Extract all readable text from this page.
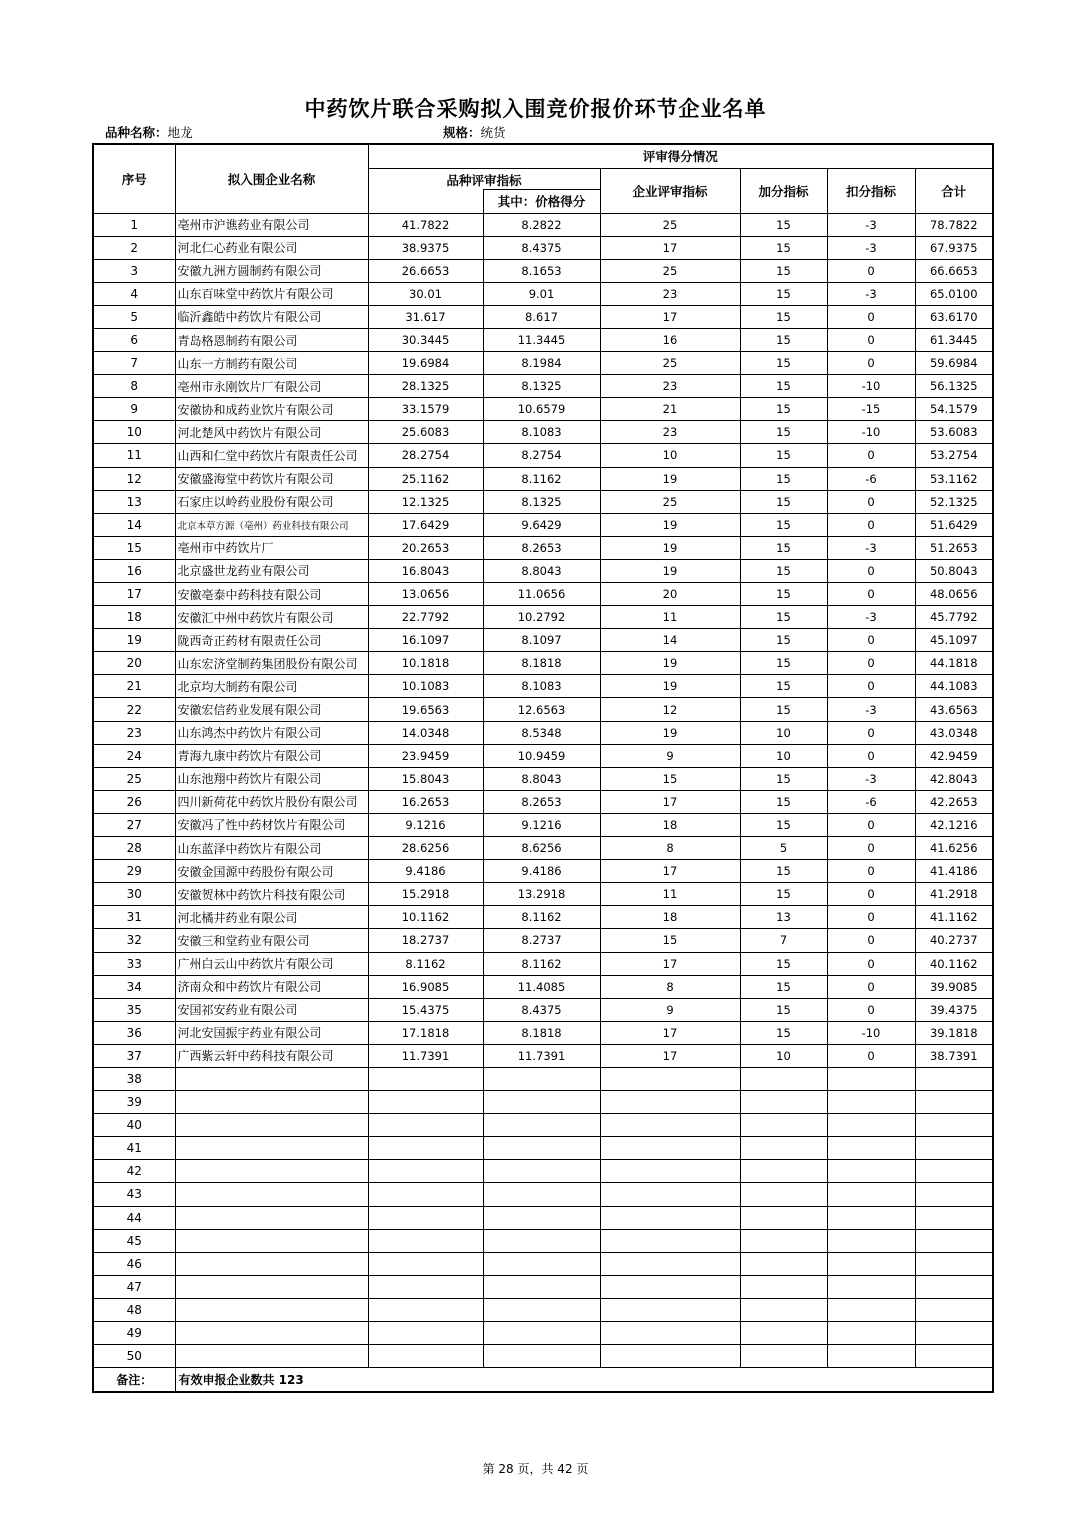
中药饮片联合采购拟入围竞价报价环节企业名单
品种名称：地龙	规格：统货
序号	拟入围企业名称	评审得分情况					
		品种评审指标		企业评审指标	加分指标	扣分指标	合计
			其中：价格得分				
1	亳州市沪谯药业有限公司	41.7822	8.2822	25	15	-3	78.7822
2	河北仁心药业有限公司	38.9375	8.4375	17	15	-3	67.9375
3	安徽九洲方圆制药有限公司	26.6653	8.1653	25	15	0	66.6653
4	山东百味堂中药饮片有限公司	30.01	9.01	23	15	-3	65.0100
5	临沂鑫皓中药饮片有限公司	31.617	8.617	17	15	0	63.6170
6	青岛格恩制药有限公司	30.3445	11.3445	16	15	0	61.3445
7	山东一方制药有限公司	19.6984	8.1984	25	15	0	59.6984
8	亳州市永刚饮片厂有限公司	28.1325	8.1325	23	15	-10	56.1325
9	安徽协和成药业饮片有限公司	33.1579	10.6579	21	15	-15	54.1579
10	河北楚风中药饮片有限公司	25.6083	8.1083	23	15	-10	53.6083
11	山西和仁堂中药饮片有限责任公司	28.2754	8.2754	10	15	0	53.2754
12	安徽盛海堂中药饮片有限公司	25.1162	8.1162	19	15	-6	53.1162
13	石家庄以岭药业股份有限公司	12.1325	8.1325	25	15	0	52.1325
14	北京本草方源（亳州）药业科技有限公司	17.6429	9.6429	19	15	0	51.6429
15	亳州市中药饮片厂	20.2653	8.2653	19	15	-3	51.2653
16	北京盛世龙药业有限公司	16.8043	8.8043	19	15	0	50.8043
17	安徽亳泰中药科技有限公司	13.0656	11.0656	20	15	0	48.0656
18	安徽汇中州中药饮片有限公司	22.7792	10.2792	11	15	-3	45.7792
19	陇西奇正药材有限责任公司	16.1097	8.1097	14	15	0	45.1097
20	山东宏济堂制药集团股份有限公司	10.1818	8.1818	19	15	0	44.1818
21	北京均大制药有限公司	10.1083	8.1083	19	15	0	44.1083
22	安徽宏信药业发展有限公司	19.6563	12.6563	12	15	-3	43.6563
23	山东鸿杰中药饮片有限公司	14.0348	8.5348	19	10	0	43.0348
24	青海九康中药饮片有限公司	23.9459	10.9459	9	10	0	42.9459
25	山东池翔中药饮片有限公司	15.8043	8.8043	15	15	-3	42.8043
26	四川新荷花中药饮片股份有限公司	16.2653	8.2653	17	15	-6	42.2653
27	安徽冯了性中药材饮片有限公司	9.1216	9.1216	18	15	0	42.1216
28	山东蓝泽中药饮片有限公司	28.6256	8.6256	8	5	0	41.6256
29	安徽金国源中药股份有限公司	9.4186	9.4186	17	15	0	41.4186
30	安徽贺林中药饮片科技有限公司	15.2918	13.2918	11	15	0	41.2918
31	河北橘井药业有限公司	10.1162	8.1162	18	13	0	41.1162
32	安徽三和堂药业有限公司	18.2737	8.2737	15	7	0	40.2737
33	广州白云山中药饮片有限公司	8.1162	8.1162	17	15	0	40.1162
34	济南众和中药饮片有限公司	16.9085	11.4085	8	15	0	39.9085
35	安国祁安药业有限公司	15.4375	8.4375	9	15	0	39.4375
36	河北安国振宇药业有限公司	17.1818	8.1818	17	15	-10	39.1818
37	广西紫云轩中药科技有限公司	11.7391	11.7391	17	10	0	38.7391
38							
39							
40							
41							
42							
43							
44							
45							
46							
47							
48							
49							
50							
备注：	有效申报企业数共 123						
第 28 页，共 42 页
